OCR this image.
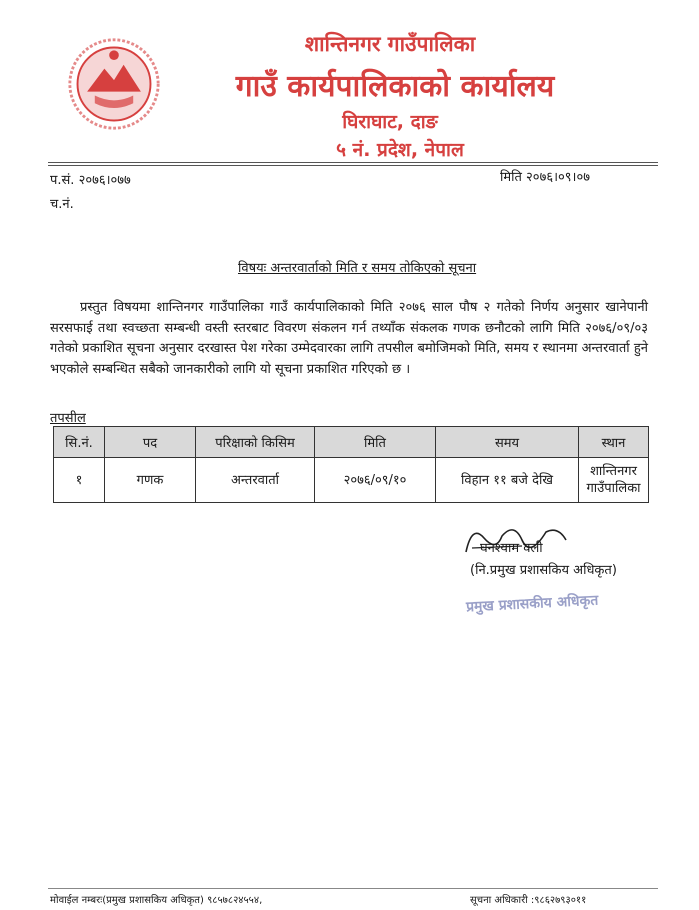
शान्तिनगर गाउँपालिका
गाउँ कार्यपालिकाको कार्यालय
घिराघाट, दाङ
५ नं. प्रदेश, नेपाल
प.सं. २०७६।०७७	मिति २०७६।०९।०७
च.नं.
विषयः अन्तरवार्ताको मिति र समय तोकिएको सूचना
प्रस्तुत विषयमा शान्तिनगर गाउँपालिका गाउँ कार्यपालिकाको मिति २०७६ साल पौष २ गतेको निर्णय अनुसार खानेपानी सरसफाई तथा स्वच्छता सम्बन्धी वस्ती स्तरबाट विवरण संकलन गर्न तथ्याँक संकलक गणक छनौटको लागि मिति २०७६/०९/०३ गतेको प्रकाशित सूचना अनुसार दरखास्त पेश गरेका उम्मेदवारका लागि तपसील बमोजिमको मिति, समय र स्थानमा अन्तरवार्ता हुने भएकोले सम्बन्धित सबैको जानकारीको लागि यो सूचना प्रकाशित गरिएको छ ।
तपसील
सि.नं.	पद	परिक्षाको किसिम	मिति	समय	स्थान
१	गणक	अन्तरवार्ता	२०७६/०९/१०	विहान ११ बजे देखि	शान्तिनगर गाउँपालिका
घनश्याम वली
(नि.प्रमुख प्रशासकिय अधिकृत)
प्रमुख प्रशासकीय अधिकृत
मोवाईल नम्बरः(प्रमुख प्रशासकिय अधिकृत) ९८५७८२४५५४,	सूचना अधिकारी :९८६२७९३०११
